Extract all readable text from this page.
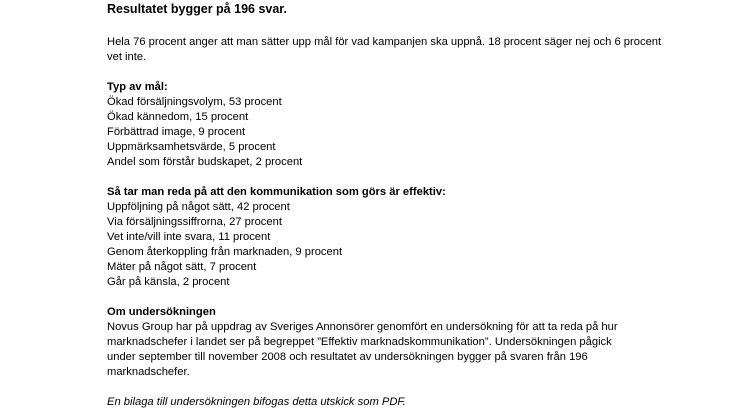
Resultatet bygger på 196 svar.

Hela 76 procent anger att man sätter upp mål för vad kampanjen ska uppnå. 18 procent säger nej och 6 procent vet inte.

Typ av mål:

Ökad försäljningsvolym, 53 procent
Ökad kännedom, 15 procent
Förbättrad image, 9 procent
Uppmärksamhetsvärde, 5 procent
Andel som förstår budskapet, 2 procent

Så tar man reda på att den kommunikation som görs är effektiv:

Uppföljning på något sätt, 42 procent
Via försäljningssiffrorna, 27 procent
Vet inte/vill inte svara, 11 procent
Genom återkoppling från marknaden, 9 procent
Mäter på något sätt, 7 procent
Går på känsla, 2 procent

Om undersökningen

Novus Group har på uppdrag av Sveriges Annonsörer genomfört en undersökning för att ta reda på hur marknadschefer i landet ser på begreppet ”Effektiv marknadskommunikation”. Undersökningen pågick under september till november 2008 och resultatet av undersökningen bygger på svaren från 196 marknadschefer.

En bilaga till undersökningen bifogas detta utskick som PDF.
